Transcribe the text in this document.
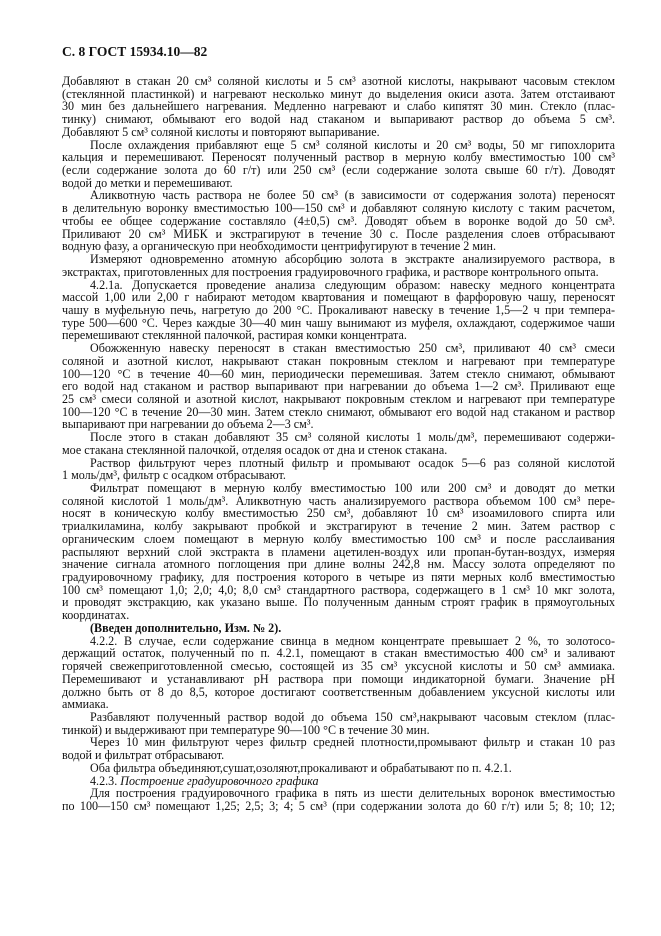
С. 8 ГОСТ 15934.10—82
Добавляют в стакан 20 см³ соляной кислоты и 5 см³ азотной кислоты, накрывают часовым стеклом
(стеклянной пластинкой) и нагревают несколько минут до выделения окиси азота. Затем отстаивают
30 мин без дальнейшего нагревания. Медленно нагревают и слабо кипятят 30 мин. Стекло (плас-
тинку) снимают, обмывают его водой над стаканом и выпаривают раствор до объема 5 см³.
Добавляют 5 см³ соляной кислоты и повторяют выпаривание.
После охлаждения прибавляют еще 5 см³ соляной кислоты и 20 см³ воды, 50 мг гипохлорита
кальция и перемешивают. Переносят полученный раствор в мерную колбу вместимостью 100 см³
(если содержание золота до 60 г/т) или 250 см³ (если содержание золота свыше 60 г/т). Доводят
водой до метки и перемешивают.
Аликвотную часть раствора не более 50 см³ (в зависимости от содержания золота) переносят
в делительную воронку вместимостью 100—150 см³ и добавляют соляную кислоту с таким расчетом,
чтобы ее общее содержание составляло (4±0,5) см³. Доводят объем в воронке водой до 50 см³.
Приливают 20 см³ МИБК и экстрагируют в течение 30 с. После разделения слоев отбрасывают
водную фазу, а органическую при необходимости центрифугируют в течение 2 мин.
Измеряют одновременно атомную абсорбцию золота в экстракте анализируемого раствора, в
экстрактах, приготовленных для построения градуировочного графика, и растворе контрольного опыта.
4.2.1а. Допускается проведение анализа следующим образом: навеску медного концентрата
массой 1,00 или 2,00 г набирают методом квартования и помещают в фарфоровую чашу, переносят
чашу в муфельную печь, нагретую до 200 °С. Прокаливают навеску в течение 1,5—2 ч при темпера-
туре 500—600 °С. Через каждые 30—40 мин чашу вынимают из муфеля, охлаждают, содержимое чаши
перемешивают стеклянной палочкой, растирая комки концентрата.
Обожженную навеску переносят в стакан вместимостью 250 см³, приливают 40 см³ смеси
соляной и азотной кислот, накрывают стакан покровным стеклом и нагревают при температуре
100—120 °С в течение 40—60 мин, периодически перемешивая. Затем стекло снимают, обмывают
его водой над стаканом и раствор выпаривают при нагревании до объема 1—2 см³. Приливают еще
25 см³ смеси соляной и азотной кислот, накрывают покровным стеклом и нагревают при температуре
100—120 °С в течение 20—30 мин. Затем стекло снимают, обмывают его водой над стаканом и раствор
выпаривают при нагревании до объема 2—3 см³.
После этого в стакан добавляют 35 см³ соляной кислоты 1 моль/дм³, перемешивают содержи-
мое стакана стеклянной палочкой, отделяя осадок от дна и стенок стакана.
Раствор фильтруют через плотный фильтр и промывают осадок 5—6 раз соляной кислотой
1 моль/дм³, фильтр с осадком отбрасывают.
Фильтрат помещают в мерную колбу вместимостью 100 или 200 см³ и доводят до метки
соляной кислотой 1 моль/дм³. Аликвотную часть анализируемого раствора объемом 100 см³ пере-
носят в коническую колбу вместимостью 250 см³, добавляют 10 см³ изоамилового спирта или
триалкиламина, колбу закрывают пробкой и экстрагируют в течение 2 мин. Затем раствор с
органическим слоем помещают в мерную колбу вместимостью 100 см³ и после расслаивания
распыляют верхний слой экстракта в пламени ацетилен-воздух или пропан-бутан-воздух, измеряя
значение сигнала атомного поглощения при длине волны 242,8 нм. Массу золота определяют по
градуировочному графику, для построения которого в четыре из пяти мерных колб вместимостью
100 см³ помещают 1,0; 2,0; 4,0; 8,0 см³ стандартного раствора, содержащего в 1 см³ 10 мкг золота,
и проводят экстракцию, как указано выше. По полученным данным строят график в прямоугольных
координатах.
(Введен дополнительно, Изм. № 2).
4.2.2. В случае, если содержание свинца в медном концентрате превышает 2 %, то золотосо-
держащий остаток, полученный по п. 4.2.1, помещают в стакан вместимостью 400 см³ и заливают
горячей свежеприготовленной смесью, состоящей из 35 см³ уксусной кислоты и 50 см³ аммиака.
Перемешивают и устанавливают pH раствора при помощи индикаторной бумаги. Значение pH
должно быть от 8 до 8,5, которое достигают соответственным добавлением уксусной кислоты или
аммиака.
Разбавляют полученный раствор водой до объема 150 см³,накрывают часовым стеклом (плас-
тинкой) и выдерживают при температуре 90—100 °С в течение 30 мин.
Через 10 мин фильтруют через фильтр средней плотности,промывают фильтр и стакан 10 раз
водой и фильтрат отбрасывают.
Оба фильтра объединяют,сушат,озоляют,прокаливают и обрабатывают по п. 4.2.1.
4.2.3. Построение градуировочного графика
Для построения градуировочного графика в пять из шести делительных воронок вместимостью
по 100—150 см³ помещают 1,25; 2,5; 3; 4; 5 см³ (при содержании золота до 60 г/т) или 5; 8; 10; 12;
